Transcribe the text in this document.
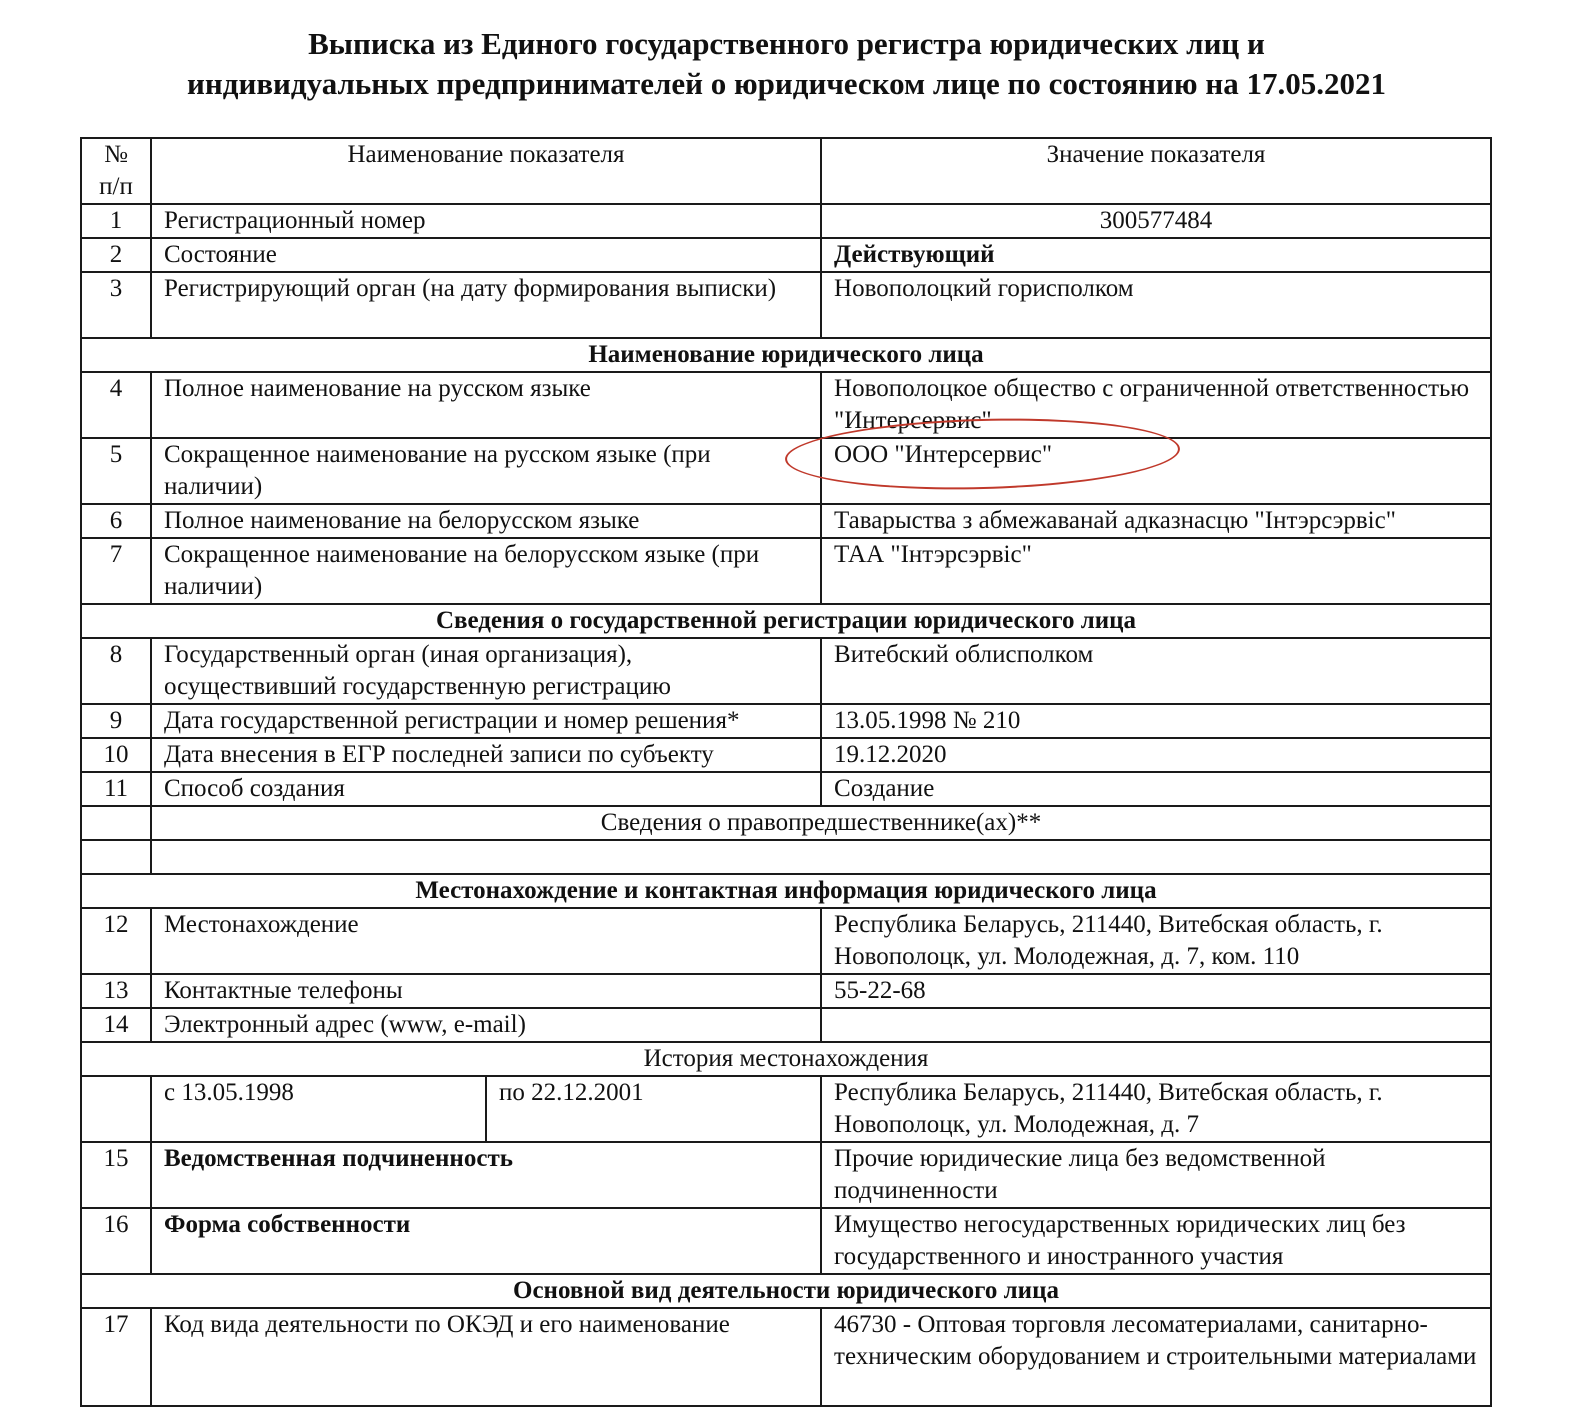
Выписка из Единого государственного регистра юридических лиц и
индивидуальных предпринимателей о юридическом лице по состоянию на 17.05.2021
№ п/п	Наименование показателя		Значение показателя
1	Регистрационный номер		300577484
2	Состояние		Действующий
3	Регистрирующий орган (на дату формирования выписки)		Новополоцкий горисполком
Наименование юридического лица			
4	Полное наименование на русском языке		Новополоцкое общество с ограниченной ответственностью "Интерсервис"
5	Сокращенное наименование на русском языке (при наличии)		ООО "Интерсервис"
6	Полное наименование на белорусском языке		Таварыства з абмежаванай адказнасцю "Інтэрсэрвіс"
7	Сокращенное наименование на белорусском языке (при наличии)		ТАА "Інтэрсэрвіс"
Сведения о государственной регистрации юридического лица			
8	Государственный орган (иная организация), осуществивший государственную регистрацию		Витебский облисполком
9	Дата государственной регистрации и номер решения*		13.05.1998 № 210
10	Дата внесения в ЕГР последней записи по субъекту		19.12.2020
11	Способ создания		Создание
	Сведения о правопредшественнике(ах)**		

Местонахождение и контактная информация юридического лица			
12	Местонахождение		Республика Беларусь, 211440, Витебская область, г. Новополоцк, ул. Молодежная, д. 7, ком. 110
13	Контактные телефоны		55-22-68
14	Электронный адрес (www, e-mail)		
История местонахождения			
	с 13.05.1998	по 22.12.2001	Республика Беларусь, 211440, Витебская область, г. Новополоцк, ул. Молодежная, д. 7
15	Ведомственная подчиненность		Прочие юридические лица без ведомственной подчиненности
16	Форма собственности		Имущество негосударственных юридических лиц без государственного и иностранного участия
Основной вид деятельности юридического лица			
17	Код вида деятельности по ОКЭД и его наименование		46730 - Оптовая торговля лесоматериалами, санитарно-техническим оборудованием и строительными материалами
